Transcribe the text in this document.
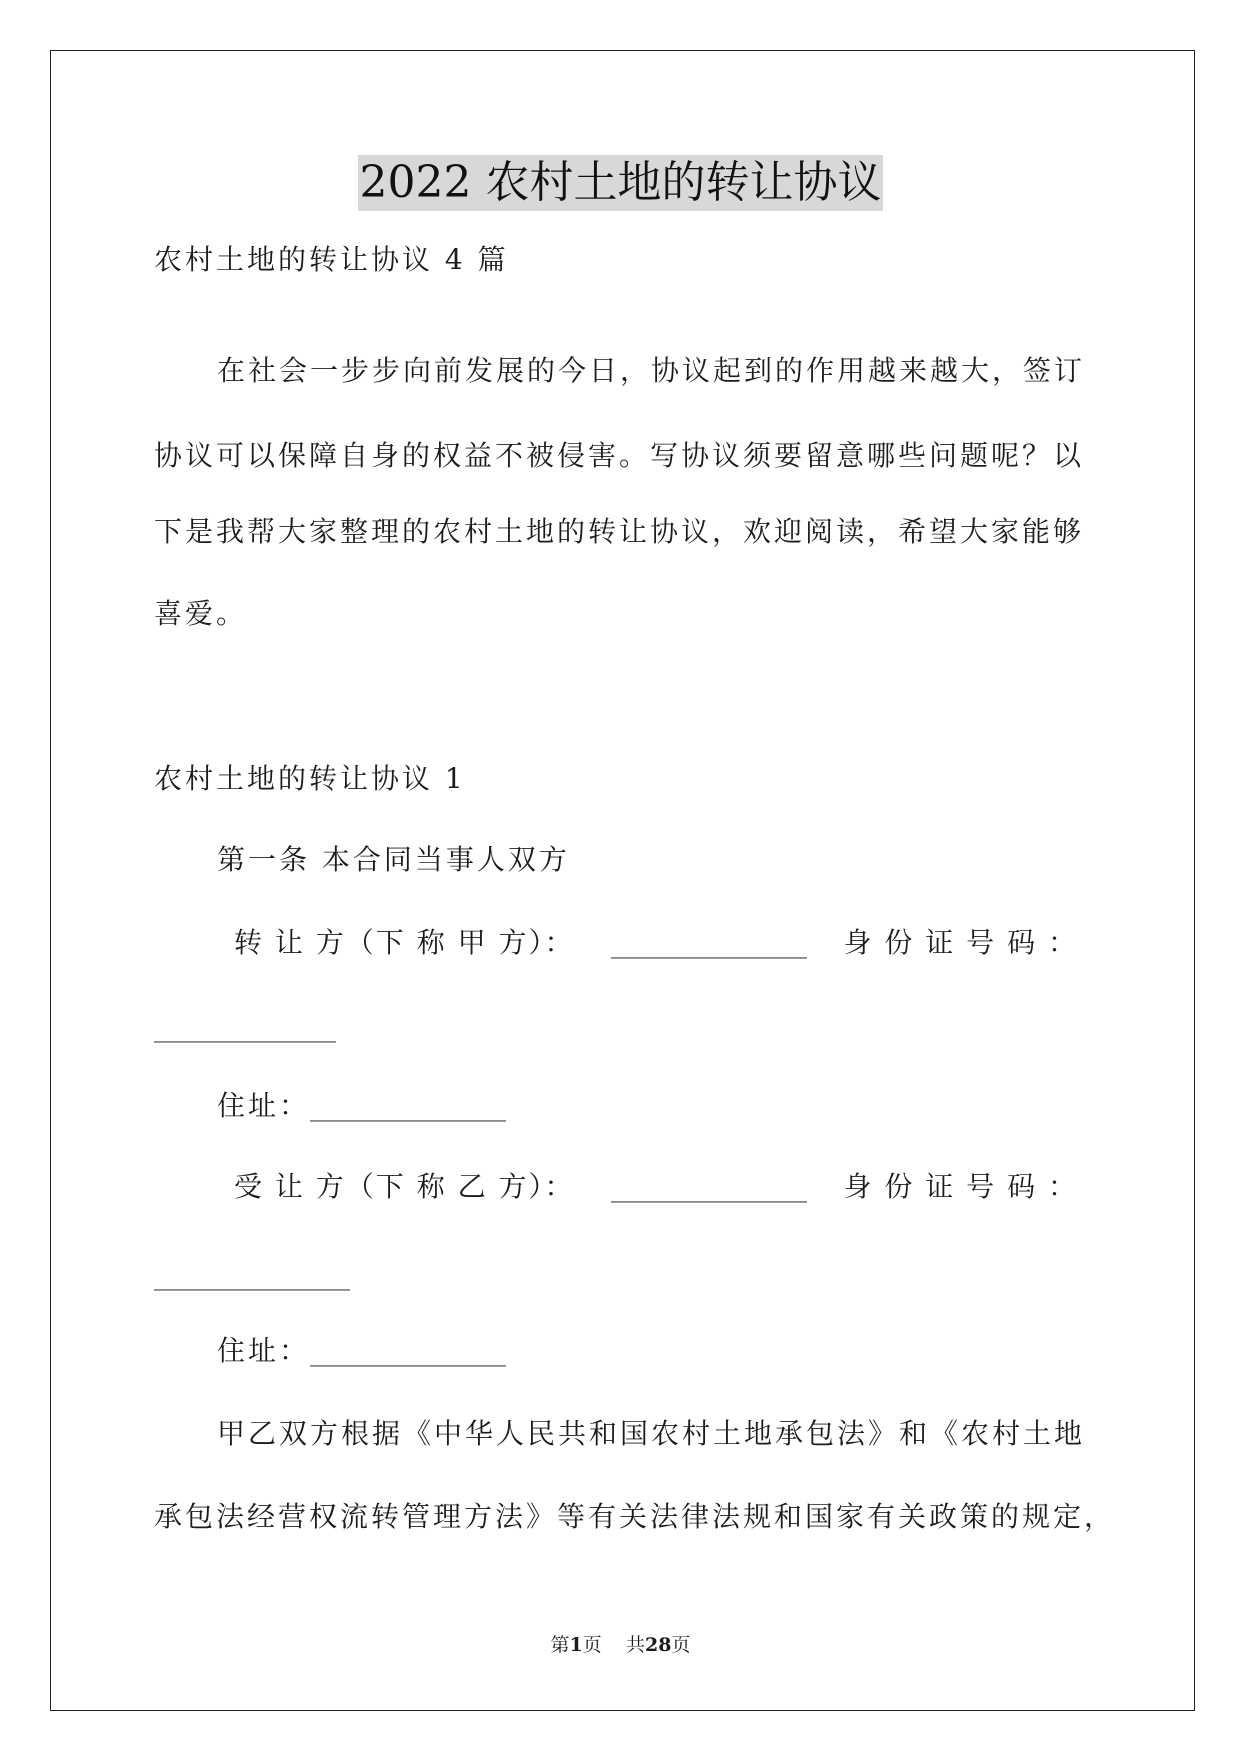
2022 农村土地的转让协议
农村土地的转让协议 4 篇
在社会一步步向前发展的今日，协议起到的作用越来越大，签订
协议可以保障自身的权益不被侵害。写协议须要留意哪些问题呢？以
下是我帮大家整理的农村土地的转让协议，欢迎阅读，希望大家能够
喜爱。
农村土地的转让协议 1
第一条 本合同当事人双方
转 让 方（下 称 甲 方）： ______________ 身 份 证 号 码 ：
_____________
住址：______________
受 让 方（下 称 乙 方）： ______________ 身 份 证 号 码 ：
______________
住址：______________
甲乙双方根据《中华人民共和国农村土地承包法》和《农村土地
承包法经营权流转管理方法》等有关法律法规和国家有关政策的规定，
第1页 共28页
